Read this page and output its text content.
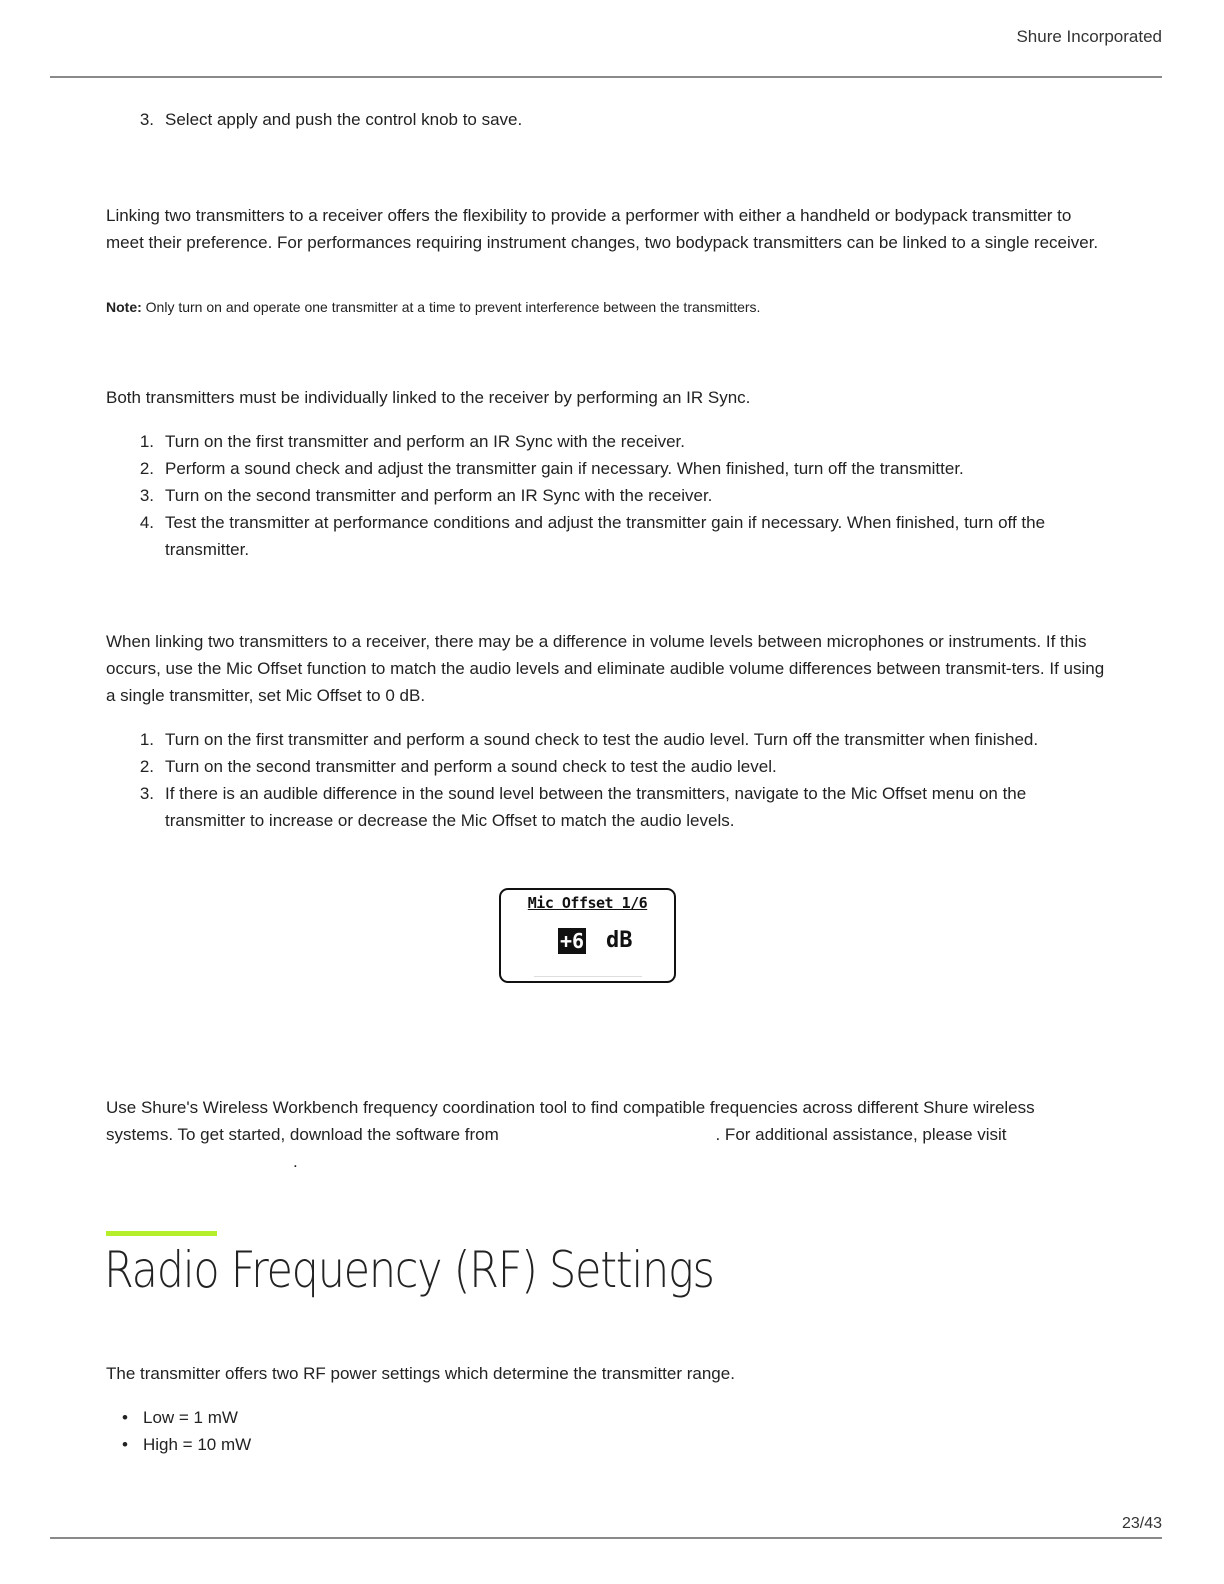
Shure Incorporated
3. Select apply and push the control knob to save.

Linking two transmitters to a receiver offers the flexibility to provide a performer with either a handheld or bodypack transmitter to meet their preference. For performances requiring instrument changes, two bodypack transmitters can be linked to a single receiver.

Note: Only turn on and operate one transmitter at a time to prevent interference between the transmitters.

Both transmitters must be individually linked to the receiver by performing an IR Sync.

1. Turn on the first transmitter and perform an IR Sync with the receiver.
2. Perform a sound check and adjust the transmitter gain if necessary. When finished, turn off the transmitter.
3. Turn on the second transmitter and perform an IR Sync with the receiver.
4. Test the transmitter at performance conditions and adjust the transmitter gain if necessary. When finished, turn off the transmitter.

When linking two transmitters to a receiver, there may be a difference in volume levels between microphones or instruments. If this occurs, use the Mic Offset function to match the audio levels and eliminate audible volume differences between transmit-ters. If using a single transmitter, set Mic Offset to 0 dB.

1. Turn on the first transmitter and perform a sound check to test the audio level. Turn off the transmitter when finished.
2. Turn on the second transmitter and perform a sound check to test the audio level.
3. If there is an audible difference in the sound level between the transmitters, navigate to the Mic Offset menu on the transmitter to increase or decrease the Mic Offset to match the audio levels.
Mic Offset 1/6
+6 dB

Use Shure's Wireless Workbench frequency coordination tool to find compatible frequencies across different Shure wireless systems. To get started, download the software from	. For additional assistance, please visit
.

Radio Frequency (RF) Settings

The transmitter offers two RF power settings which determine the transmitter range.

• Low = 1 mW
• High = 10 mW
23/43
